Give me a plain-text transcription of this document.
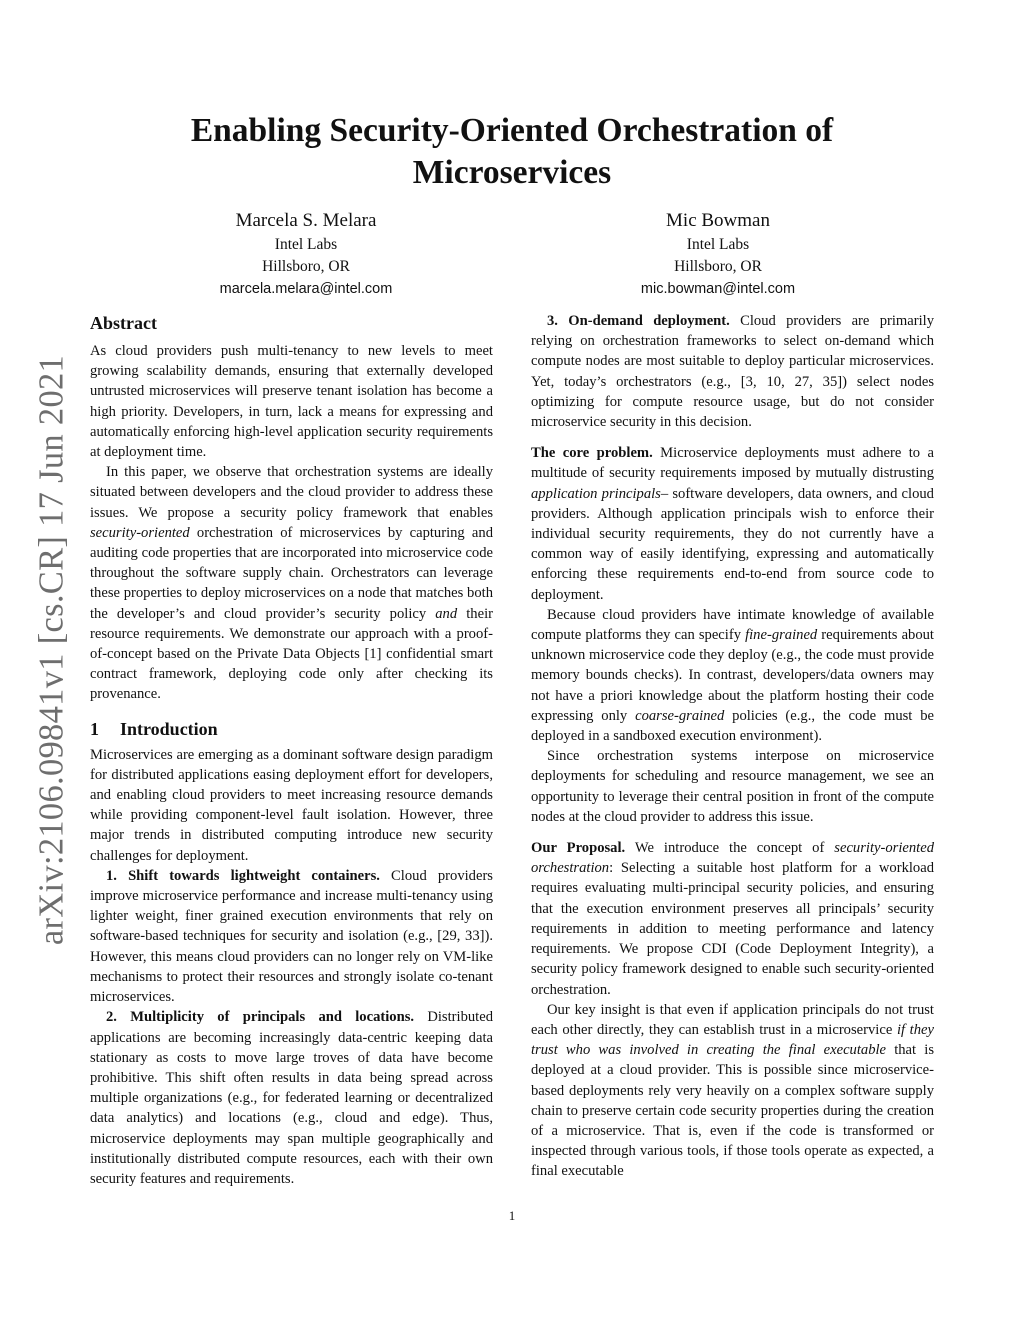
arXiv:2106.09841v1 [cs.CR] 17 Jun 2021
Enabling Security-Oriented Orchestration of Microservices
Marcela S. Melara
Intel Labs
Hillsboro, OR
marcela.melara@intel.com
Mic Bowman
Intel Labs
Hillsboro, OR
mic.bowman@intel.com
Abstract

As cloud providers push multi-tenancy to new levels to meet growing scalability demands, ensuring that externally developed untrusted microservices will preserve tenant isolation has become a high priority. Developers, in turn, lack a means for expressing and automatically enforcing high-level application security requirements at deployment time.

In this paper, we observe that orchestration systems are ideally situated between developers and the cloud provider to address these issues. We propose a security policy framework that enables security-oriented orchestration of microservices by capturing and auditing code properties that are incorporated into microservice code throughout the software supply chain. Orchestrators can leverage these properties to deploy microservices on a node that matches both the developer’s and cloud provider’s security policy and their resource requirements. We demonstrate our approach with a proof-of-concept based on the Private Data Objects [1] confidential smart contract framework, deploying code only after checking its provenance.

1 Introduction

Microservices are emerging as a dominant software design paradigm for distributed applications easing deployment effort for developers, and enabling cloud providers to meet increasing resource demands while providing component-level fault isolation. However, three major trends in distributed computing introduce new security challenges for deployment.

1. Shift towards lightweight containers. Cloud providers improve microservice performance and increase multi-tenancy using lighter weight, finer grained execution environments that rely on software-based techniques for security and isolation (e.g., [29, 33]). However, this means cloud providers can no longer rely on VM-like mechanisms to protect their resources and strongly isolate co-tenant microservices.

2. Multiplicity of principals and locations. Distributed applications are becoming increasingly data-centric keeping data stationary as costs to move large troves of data have become prohibitive. This shift often results in data being spread across multiple organizations (e.g., for federated learning or decentralized data analytics) and locations (e.g., cloud and edge). Thus, microservice deployments may span multiple geographically and institutionally distributed compute resources, each with their own security features and requirements.

3. On-demand deployment. Cloud providers are primarily relying on orchestration frameworks to select on-demand which compute nodes are most suitable to deploy particular microservices. Yet, today’s orchestrators (e.g., [3, 10, 27, 35]) select nodes optimizing for compute resource usage, but do not consider microservice security in this decision.

The core problem. Microservice deployments must adhere to a multitude of security requirements imposed by mutually distrusting application principals– software developers, data owners, and cloud providers. Although application principals wish to enforce their individual security requirements, they do not currently have a common way of easily identifying, expressing and automatically enforcing these requirements end-to-end from source code to deployment.

Because cloud providers have intimate knowledge of available compute platforms they can specify fine-grained requirements about unknown microservice code they deploy (e.g., the code must provide memory bounds checks). In contrast, developers/data owners may not have a priori knowledge about the platform hosting their code expressing only coarse-grained policies (e.g., the code must be deployed in a sandboxed execution environment).

Since orchestration systems interpose on microservice deployments for scheduling and resource management, we see an opportunity to leverage their central position in front of the compute nodes at the cloud provider to address this issue.

Our Proposal. We introduce the concept of security-oriented orchestration: Selecting a suitable host platform for a workload requires evaluating multi-principal security policies, and ensuring that the execution environment preserves all principals’ security requirements in addition to meeting performance and latency requirements. We propose CDI (Code Deployment Integrity), a security policy framework designed to enable such security-oriented orchestration.

Our key insight is that even if application principals do not trust each other directly, they can establish trust in a microservice if they trust who was involved in creating the final executable that is deployed at a cloud provider. This is possible since microservice-based deployments rely very heavily on a complex software supply chain to preserve certain code security properties during the creation of a microservice. That is, even if the code is transformed or inspected through various tools, if those tools operate as expected, a final executable

1
